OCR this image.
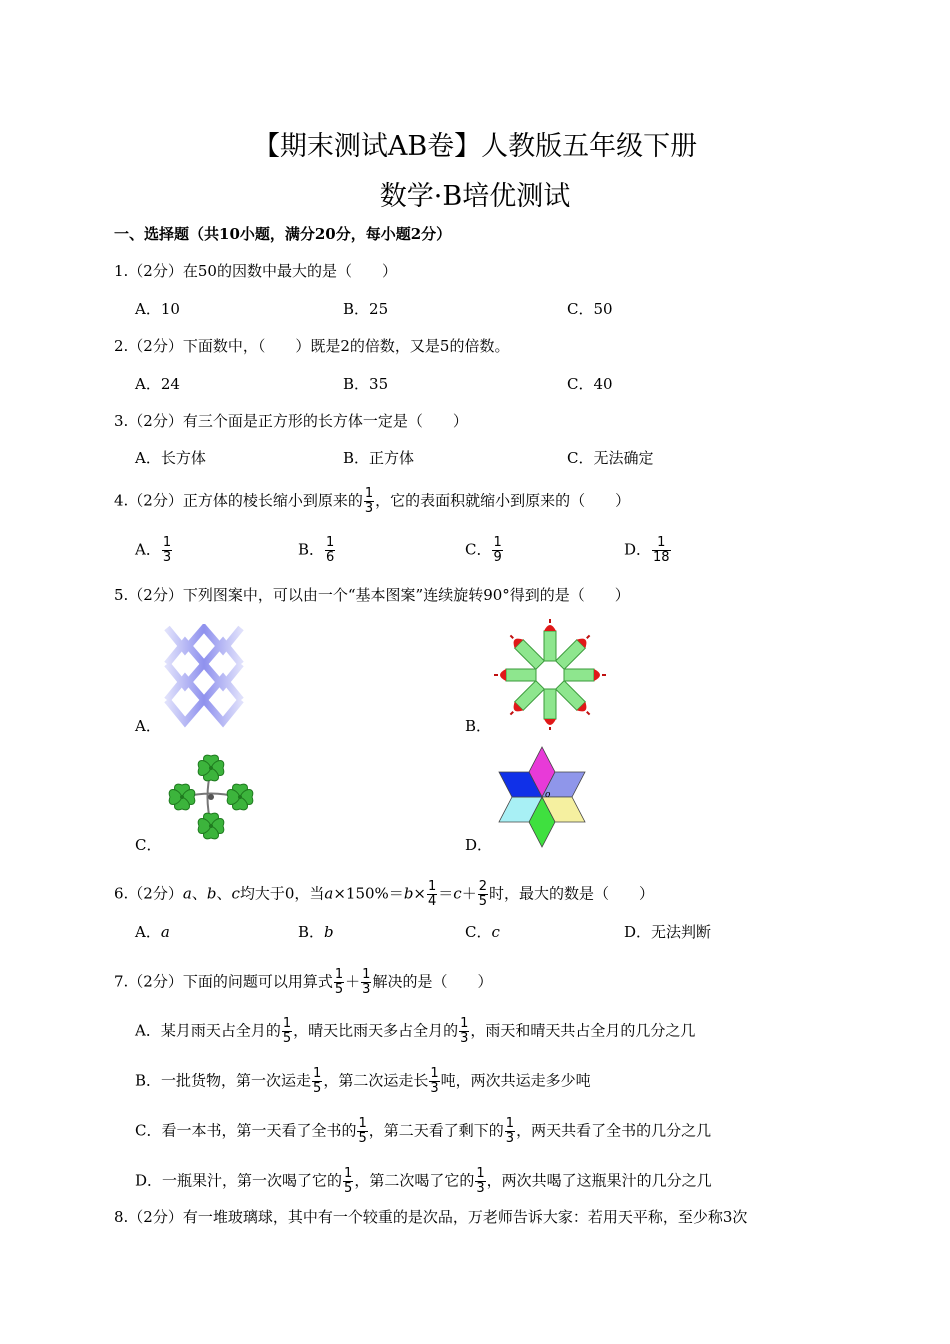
【期末测试AB卷】人教版五年级下册
数学·B培优测试
一、选择题（共10小题，满分20分，每小题2分）
1.（2分）在50的因数中最大的是（　　）
A．10	B．25	C．50
2.（2分）下面数中，（　　）既是2的倍数，又是5的倍数。
A．24	B．35	C．40
3.（2分）有三个面是正方形的长方体一定是（　　）
A．长方体	B．正方体	C．无法确定
4.（2分）正方体的棱长缩小到原来的 $\frac{1}{3}$ ，它的表面积就缩小到原来的（　　）
A． $\frac{1}{3}$	B． $\frac{1}{6}$	C． $\frac{1}{9}$	D． $\frac{1}{18}$
5.（2分）下列图案中，可以由一个“基本图案”连续旋转90°得到的是（　　）
A．	B．
C．	D．
o
6.（2分）a、b、c均大于0，当$a\times 150\%=b\times \frac{1}{4} =c+ \frac{2}{5}$ 时，最大的数是（　　）
A．a	B．b	C．c	D．无法判断
7.（2分）下面的问题可以用算式 $\frac{1}{5} + \frac{1}{3}$ 解决的是（　　）
A．某月雨天占全月的 $\frac{1}{5}$ ，晴天比雨天多占全月的 $\frac{1}{3}$ ，雨天和晴天共占全月的几分之几
B．一批货物，第一次运走 $\frac{1}{5}$ ，第二次运走长 $\frac{1}{3}$ 吨，两次共运走多少吨
C．看一本书，第一天看了全书的 $\frac{1}{5}$ ，第二天看了剩下的 $\frac{1}{3}$ ，两天共看了全书的几分之几
D．一瓶果汁，第一次喝了它的 $\frac{1}{5}$ ，第二次喝了它的 $\frac{1}{3}$ ，两次共喝了这瓶果汁的几分之几
8.（2分）有一堆玻璃球，其中有一个较重的是次品，万老师告诉大家：若用天平称，至少称3次
